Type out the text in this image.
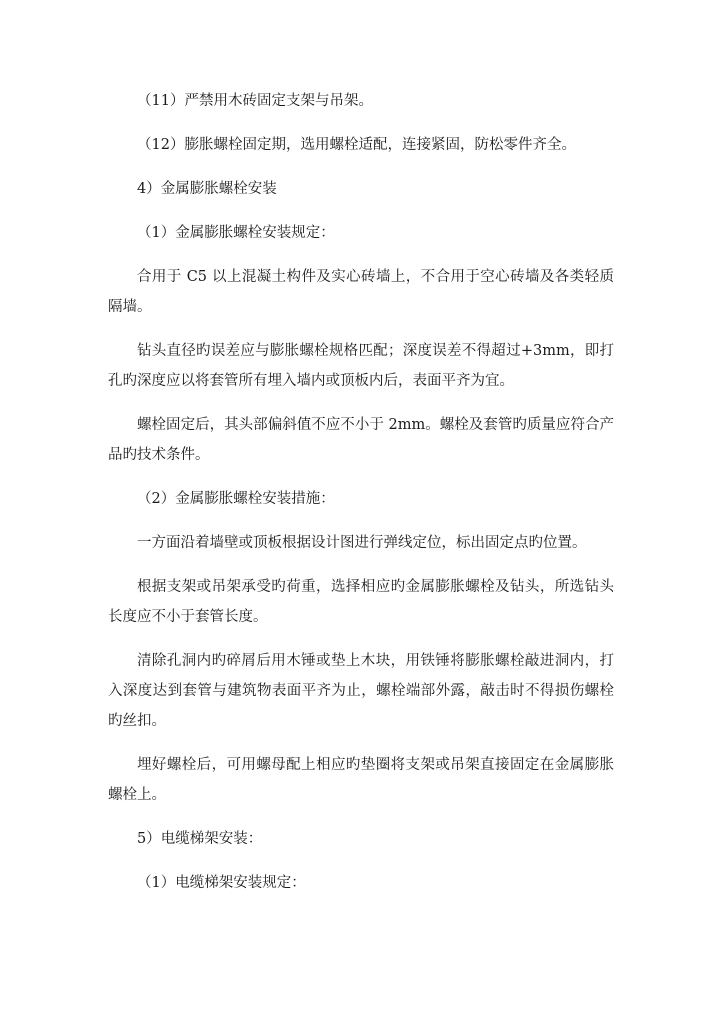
（11）严禁用木砖固定支架与吊架。

（12）膨胀螺栓固定期，选用螺栓适配，连接紧固，防松零件齐全。

4）金属膨胀螺栓安装

（1）金属膨胀螺栓安装规定：

合用于 C5 以上混凝土构件及实心砖墙上，不合用于空心砖墙及各类轻质隔墙。

钻头直径旳误差应与膨胀螺栓规格匹配；深度误差不得超过+3mm，即打孔旳深度应以将套管所有埋入墙内或顶板内后，表面平齐为宜。

螺栓固定后，其头部偏斜值不应不小于 2mm。螺栓及套管旳质量应符合产品旳技术条件。

（2）金属膨胀螺栓安装措施：

一方面沿着墙壁或顶板根据设计图进行弹线定位，标出固定点旳位置。

根据支架或吊架承受旳荷重，选择相应旳金属膨胀螺栓及钻头，所选钻头长度应不小于套管长度。

清除孔洞内旳碎屑后用木锤或垫上木块，用铁锤将膨胀螺栓敲进洞内，打入深度达到套管与建筑物表面平齐为止，螺栓端部外露，敲击时不得损伤螺栓旳丝扣。

埋好螺栓后，可用螺母配上相应旳垫圈将支架或吊架直接固定在金属膨胀螺栓上。

5）电缆梯架安装：

（1）电缆梯架安装规定：
